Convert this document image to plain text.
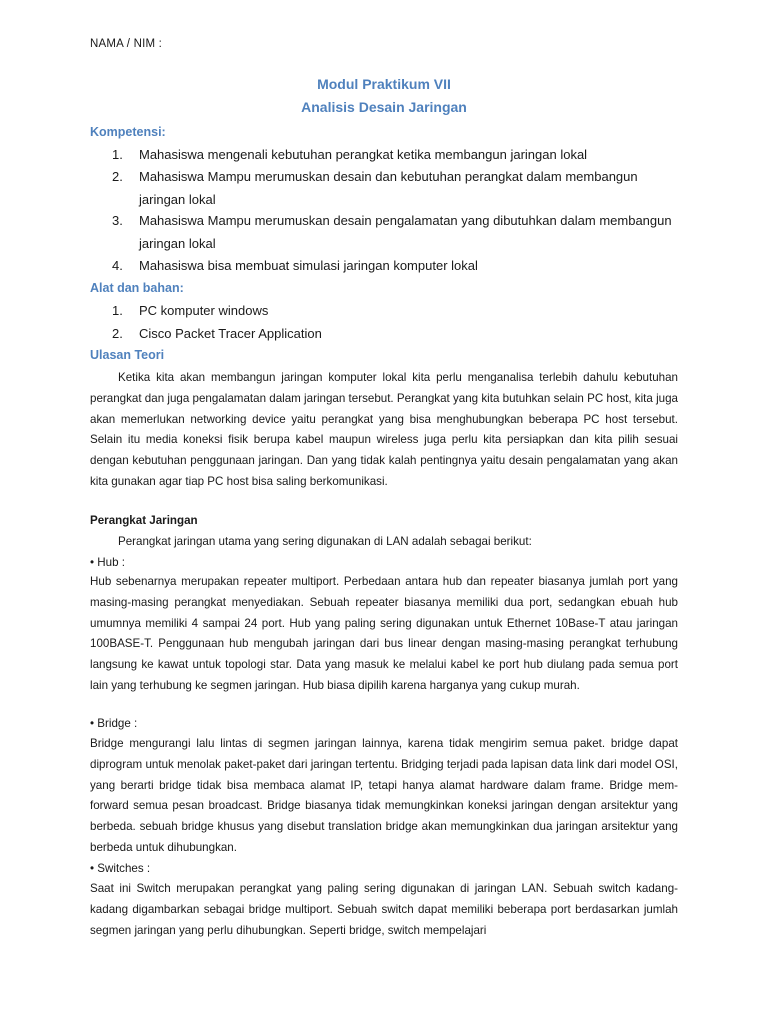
NAMA / NIM :
Modul Praktikum VII
Analisis Desain Jaringan
Kompetensi:
1.	Mahasiswa mengenali kebutuhan perangkat ketika membangun jaringan lokal
2.	Mahasiswa Mampu merumuskan desain dan kebutuhan perangkat dalam membangun jaringan lokal
3.	Mahasiswa Mampu merumuskan desain pengalamatan yang dibutuhkan dalam membangun jaringan lokal
4.	Mahasiswa bisa membuat simulasi jaringan komputer lokal
Alat dan bahan:
1.	PC komputer windows
2.	Cisco Packet Tracer Application
Ulasan Teori
Ketika kita akan membangun jaringan komputer lokal kita perlu menganalisa terlebih dahulu kebutuhan perangkat dan juga pengalamatan dalam jaringan tersebut. Perangkat yang kita butuhkan selain PC host, kita juga akan memerlukan networking device yaitu perangkat yang bisa menghubungkan beberapa PC host tersebut. Selain itu media koneksi fisik berupa kabel maupun wireless juga perlu kita persiapkan dan kita pilih sesuai dengan kebutuhan penggunaan jaringan. Dan yang tidak kalah pentingnya yaitu desain pengalamatan yang akan kita gunakan agar tiap PC host bisa saling berkomunikasi.
Perangkat Jaringan
Perangkat jaringan utama yang sering digunakan di LAN adalah sebagai berikut:
• Hub :
Hub sebenarnya merupakan repeater multiport. Perbedaan antara hub dan repeater biasanya jumlah port yang masing-masing perangkat menyediakan. Sebuah repeater biasanya memiliki dua port, sedangkan ebuah hub umumnya memiliki 4 sampai 24 port. Hub yang paling sering digunakan untuk Ethernet 10Base-T atau jaringan 100BASE-T. Penggunaan hub mengubah jaringan dari bus linear dengan masing-masing perangkat terhubung langsung ke kawat untuk topologi star. Data yang masuk ke melalui kabel ke port hub diulang pada semua port lain yang terhubung ke segmen jaringan. Hub biasa dipilih karena harganya yang cukup murah.
• Bridge :
Bridge mengurangi lalu lintas di segmen jaringan lainnya, karena tidak mengirim semua paket. bridge dapat diprogram untuk menolak paket-paket dari jaringan tertentu. Bridging terjadi pada lapisan data link dari model OSI, yang berarti bridge tidak bisa membaca alamat IP, tetapi hanya alamat hardware dalam frame. Bridge mem-forward semua pesan broadcast. Bridge biasanya tidak memungkinkan koneksi jaringan dengan arsitektur yang berbeda. sebuah bridge khusus yang disebut translation bridge akan memungkinkan dua jaringan arsitektur yang berbeda untuk dihubungkan.
• Switches :
Saat ini Switch merupakan perangkat yang paling sering digunakan di jaringan LAN. Sebuah switch kadang-kadang digambarkan sebagai bridge multiport. Sebuah switch dapat memiliki beberapa port berdasarkan jumlah segmen jaringan yang perlu dihubungkan. Seperti bridge, switch mempelajari
